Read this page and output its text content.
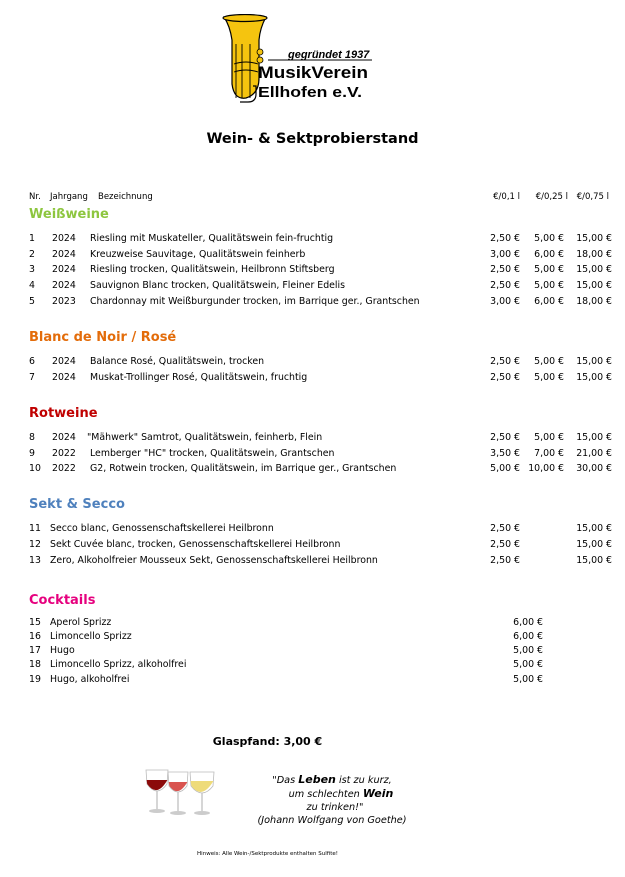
gegründet 1937
MusikVerein
Ellhofen e.V.
Wein- & Sektprobierstand
Nr. Jahrgang Bezeichnung	€/0,1 l €/0,25 l €/0,75 l
Weißweine
Blanc de Noir / Rosé
Rotweine
Sekt & Secco
Cocktails
1 2024 Riesling mit Muskateller, Qualitätswein fein-fruchtig	2,50 € 5,00 € 15,00 €
2 2024 Kreuzweise Sauvitage, Qualitätswein feinherb	3,00 € 6,00 € 18,00 €
3 2024 Riesling trocken, Qualitätswein, Heilbronn Stiftsberg	2,50 € 5,00 € 15,00 €
4 2024 Sauvignon Blanc trocken, Qualitätswein, Fleiner Edelis	2,50 € 5,00 € 15,00 €
5 2023 Chardonnay mit Weißburgunder trocken, im Barrique ger., Grantschen	3,00 € 6,00 € 18,00 €
6 2024 Balance Rosé, Qualitätswein, trocken	2,50 € 5,00 € 15,00 €
7 2024 Muskat-Trollinger Rosé, Qualitätswein, fruchtig	2,50 € 5,00 € 15,00 €
8 2024 "Mähwerk" Samtrot, Qualitätswein, feinherb, Flein	2,50 € 5,00 € 15,00 €
9 2022 Lemberger "HC" trocken, Qualitätswein, Grantschen	3,50 € 7,00 € 21,00 €
10 2022 G2, Rotwein trocken, Qualitätswein, im Barrique ger., Grantschen	5,00 € 10,00 € 30,00 €
11 Secco blanc, Genossenschaftskellerei Heilbronn	2,50 €	15,00 €
12 Sekt Cuvée blanc, trocken, Genossenschaftskellerei Heilbronn	2,50 €	15,00 €
13 Zero, Alkoholfreier Mousseux Sekt, Genossenschaftskellerei Heilbronn	2,50 €	15,00 €
15 Aperol Sprizz	6,00 €
16 Limoncello Sprizz	6,00 €
17 Hugo	5,00 €
18 Limoncello Sprizz, alkoholfrei	5,00 €
19 Hugo, alkoholfrei	5,00 €
Glaspfand: 3,00 €
"Das Leben ist zu kurz,
um schlechten Wein
zu trinken!"
(Johann Wolfgang von Goethe)
Hinweis: Alle Wein-/Sektprodukte enthalten Sulfite!
